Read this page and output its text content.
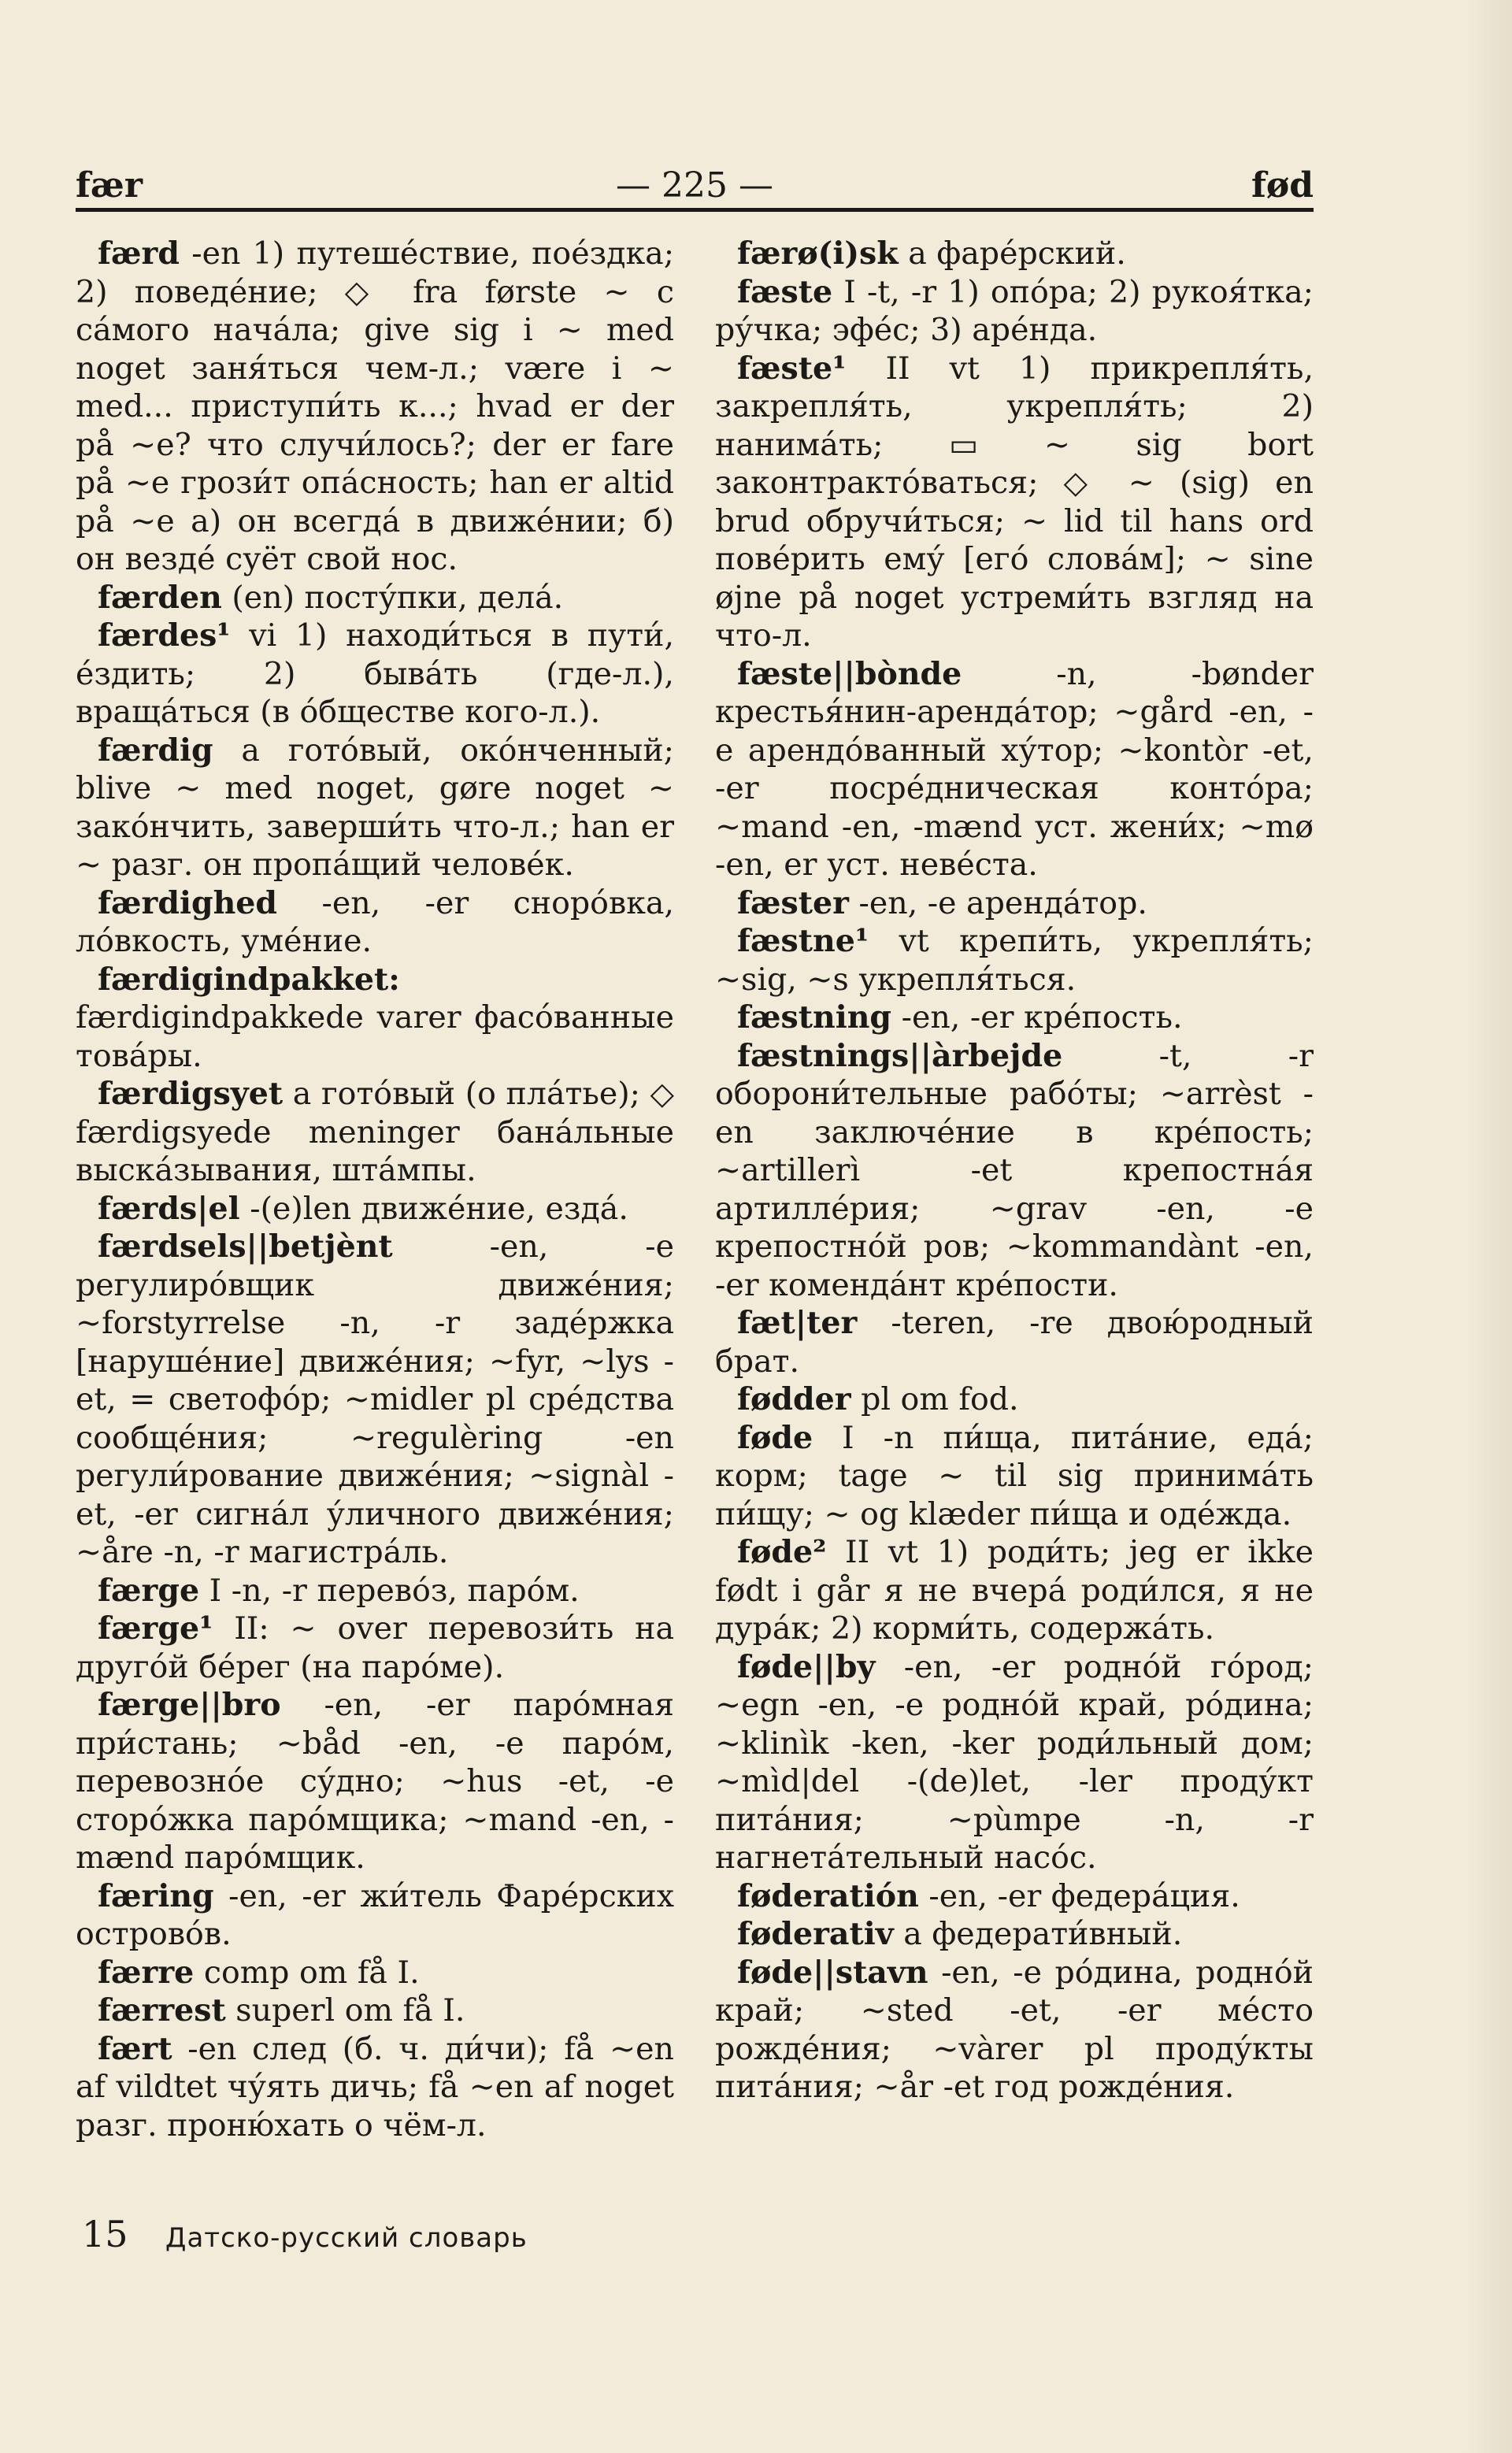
fær	— 225 —	fød

færd -en 1) путеше́ствие, пое́здка; 2) поведе́ние; ◇ fra første ~ с са́мого нача́ла; give sig i ~ med noget заня́ться чем-л.; være i ~ med... приступи́ть к...; hvad er der på ~e? что случи́лось?; der er fare på ~e грози́т опа́сность; han er altid på ~e а) он всегда́ в движе́нии; б) он везде́ суёт свой нос.

færden (en) посту́пки, дела́.

færdes¹ vi 1) находи́ться в пути́, е́здить; 2) быва́ть (где-л.), враща́ться (в о́бществе кого-л.).

færdig a гото́вый, око́нченный; blive ~ med noget, gøre noget ~ зако́нчить, заверши́ть что-л.; han er ~ разг. он пропа́щий челове́к.

færdighed -en, -er сноро́вка, ло́вкость, уме́ние.

færdigindpakket: færdigindpakkede varer фасо́ванные това́ры.

færdigsyet a гото́вый (о пла́тье); ◇ færdigsyede meninger бана́льные выска́зывания, шта́мпы.

færds|el -(e)len движе́ние, езда́.

færdsels||betjènt -en, -e регулиро́вщик движе́ния; ~forstyrrelse -n, -r заде́ржка [наруше́ние] движе́ния; ~fyr, ~lys -et, = светофо́р; ~midler pl сре́дства сообще́ния; ~regulèring -en регули́рование движе́ния; ~signàl -et, -er сигна́л у́личного движе́ния; ~åre -n, -r магистра́ль.

færge I -n, -r перево́з, паро́м.

færge¹ II: ~ over перевози́ть на друго́й бе́рег (на паро́ме).

færge||bro -en, -er паро́мная при́стань; ~båd -en, -e паро́м, перевозно́е су́дно; ~hus -et, -e сторо́жка паро́мщика; ~mand -en, -mænd паро́мщик.

færing -en, -er жи́тель Фаре́рских острово́в.

færre comp om få I.

færrest superl om få I.

fært -en след (б. ч. ди́чи); få ~en af vildtet чу́ять дичь; få ~en af noget разг. проню́хать о чём-л.

færø(i)sk a фаре́рский.

fæste I -t, -r 1) опо́ра; 2) рукоя́тка; ру́чка; эфе́с; 3) аре́нда.

fæste¹ II vt 1) прикрепля́ть, закрепля́ть, укрепля́ть; 2) нанима́ть; ▭ ~ sig bort законтракто́ваться; ◇ ~ (sig) en brud обручи́ться; ~ lid til hans ord пове́рить ему́ [его́ слова́м]; ~ sine øjne på noget устреми́ть взгляд на что-л.

fæste||bònde -n, -bønder крестья́нин-аренда́тор; ~gård -en, -e арендо́ванный ху́тор; ~kontòr -et, -er посре́дническая конто́ра; ~mand -en, -mænd уст. жени́х; ~mø -en, er уст. неве́ста.

fæster -en, -e аренда́тор.

fæstne¹ vt крепи́ть, укрепля́ть; ~sig, ~s укрепля́ться.

fæstning -en, -er кре́пость.

fæstnings||àrbejde -t, -r оборони́тельные рабо́ты; ~arrèst -en заключе́ние в кре́пость; ~artillerì -et крепостна́я артилле́рия; ~grav -en, -e крепостно́й ров; ~kommandànt -en, -er коменда́нт кре́пости.

fæt|ter -teren, -re двою́родный брат.

fødder pl om fod.

føde I -n пи́ща, пита́ние, еда́; корм; tage ~ til sig принима́ть пи́щу; ~ og klæder пи́ща и оде́жда.

føde² II vt 1) роди́ть; jeg er ikke født i går я не вчера́ роди́лся, я не дура́к; 2) корми́ть, содержа́ть.

føde||by -en, -er родно́й го́род; ~egn -en, -e родно́й край, ро́дина; ~klinìk -ken, -ker роди́льный дом; ~mìd|del -(de)let, -ler проду́кт пита́ния; ~pùmpe -n, -r нагнета́тельный насо́с.

føderatión -en, -er федера́ция.

føderativ a федерати́вный.

føde||stavn -en, -e ро́дина, родно́й край; ~sted -et, -er ме́сто рожде́ния; ~vàrer pl проду́кты пита́ния; ~år -et год рожде́ния.

15 Датско-русский словарь
